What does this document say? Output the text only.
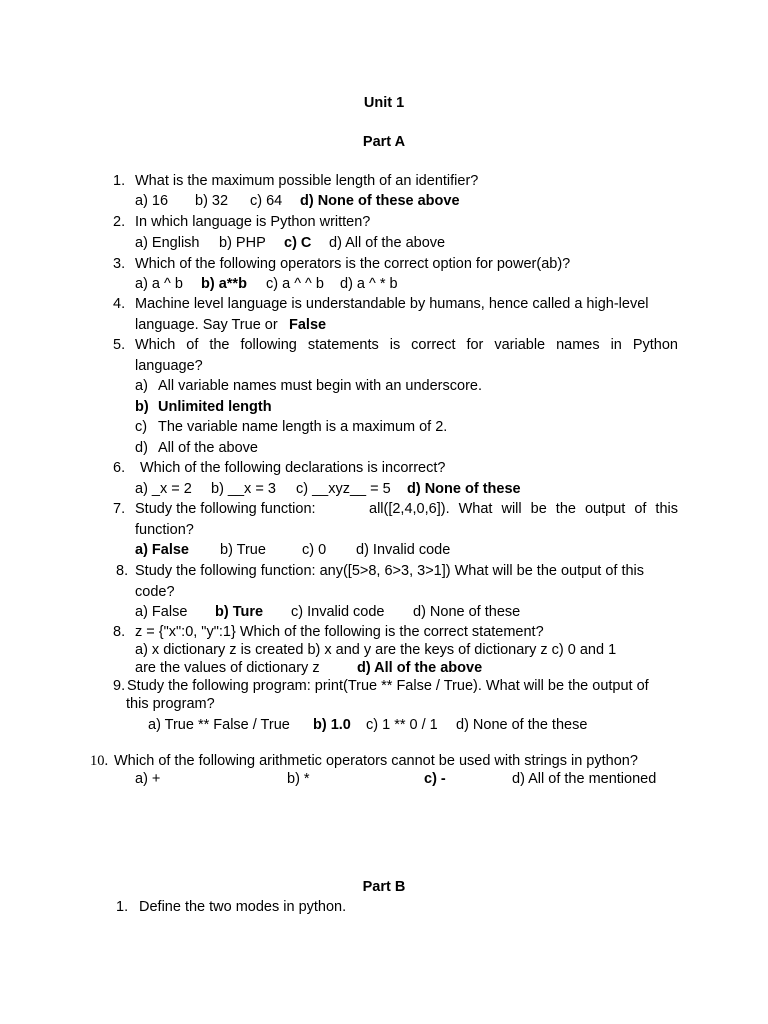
Unit 1
Part A
1. What is the maximum possible length of an identifier?
a) 16 b) 32 c) 64 d) None of these above
2. In which language is Python written?
a) English b) PHP c) C d) All of the above
3. Which of the following operators is the correct option for power(ab)?
a) a ^ b b) a**b c) a ^ ^ b d) a ^ * b
4. Machine level language is understandable by humans, hence called a high-level
language. Say True or False
5. Which of the following statements is correct for variable names in Python
language?
a) All variable names must begin with an underscore.
b) Unlimited length
c) The variable name length is a maximum of 2.
d) All of the above
6. Which of the following declarations is incorrect?
a) _x = 2 b) __x = 3 c) __xyz__ = 5 d) None of these
7. Study the following function:	all([2,4,0,6]). What will be the output of this
function?
a) False b) True c) 0 d) Invalid code
8. Study the following function: any([5>8, 6>3, 3>1]) What will be the output of this
code?
a) False b) Ture c) Invalid code d) None of these
8. z = {"x":0, "y":1} Which of the following is the correct statement?
a) x dictionary z is created b) x and y are the keys of dictionary z c) 0 and 1
are the values of dictionary z	d) All of the above
9. Study the following program: print(True ** False / True). What will be the output of
this program?
a) True ** False / True b) 1.0 c) 1 ** 0 / 1 d) None of the these
10. Which of the following arithmetic operators cannot be used with strings in python?
a) +	b) *	c) -	d) All of the mentioned
Part B
1. Define the two modes in python.
